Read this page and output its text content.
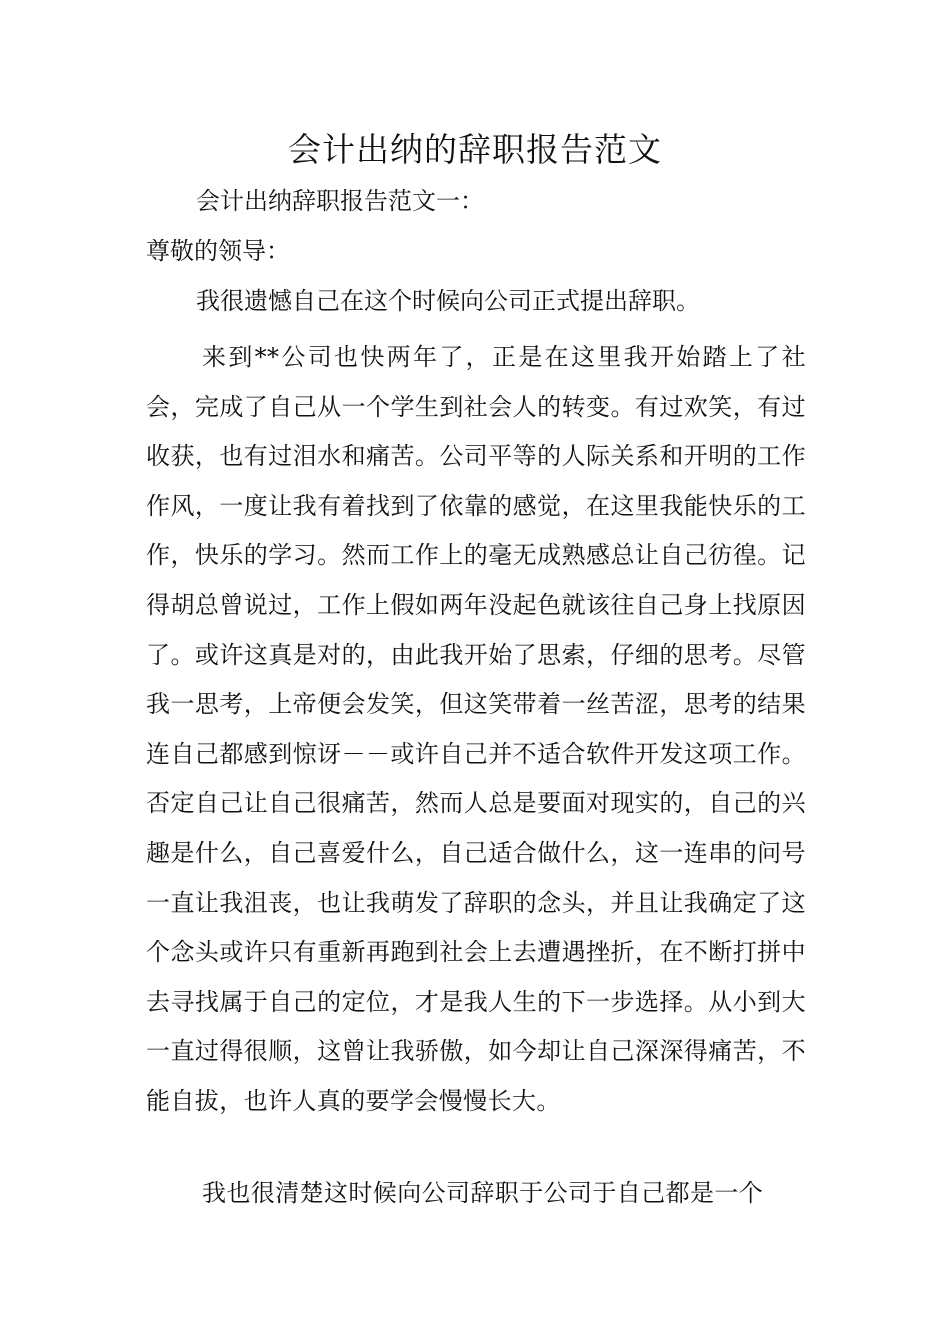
会计出纳的辞职报告范文

会计出纳辞职报告范文一：

尊敬的领导：

我很遗憾自己在这个时候向公司正式提出辞职。

来到**公司也快两年了，正是在这里我开始踏上了社会，完成了自己从一个学生到社会人的转变。有过欢笑，有过收获，也有过泪水和痛苦。公司平等的人际关系和开明的工作作风，一度让我有着找到了依靠的感觉，在这里我能快乐的工作，快乐的学习。然而工作上的毫无成熟感总让自己彷徨。记得胡总曾说过，工作上假如两年没起色就该往自己身上找原因了。或许这真是对的，由此我开始了思索，仔细的思考。尽管我一思考，上帝便会发笑，但这笑带着一丝苦涩，思考的结果连自己都感到惊讶－－或许自己并不适合软件开发这项工作。否定自己让自己很痛苦，然而人总是要面对现实的，自己的兴趣是什么，自己喜爱什么，自己适合做什么，这一连串的问号一直让我沮丧，也让我萌发了辞职的念头，并且让我确定了这个念头或许只有重新再跑到社会上去遭遇挫折，在不断打拼中去寻找属于自己的定位，才是我人生的下一步选择。从小到大一直过得很顺，这曾让我骄傲，如今却让自己深深得痛苦，不能自拔，也许人真的要学会慢慢长大。

我也很清楚这时候向公司辞职于公司于自己都是一个
